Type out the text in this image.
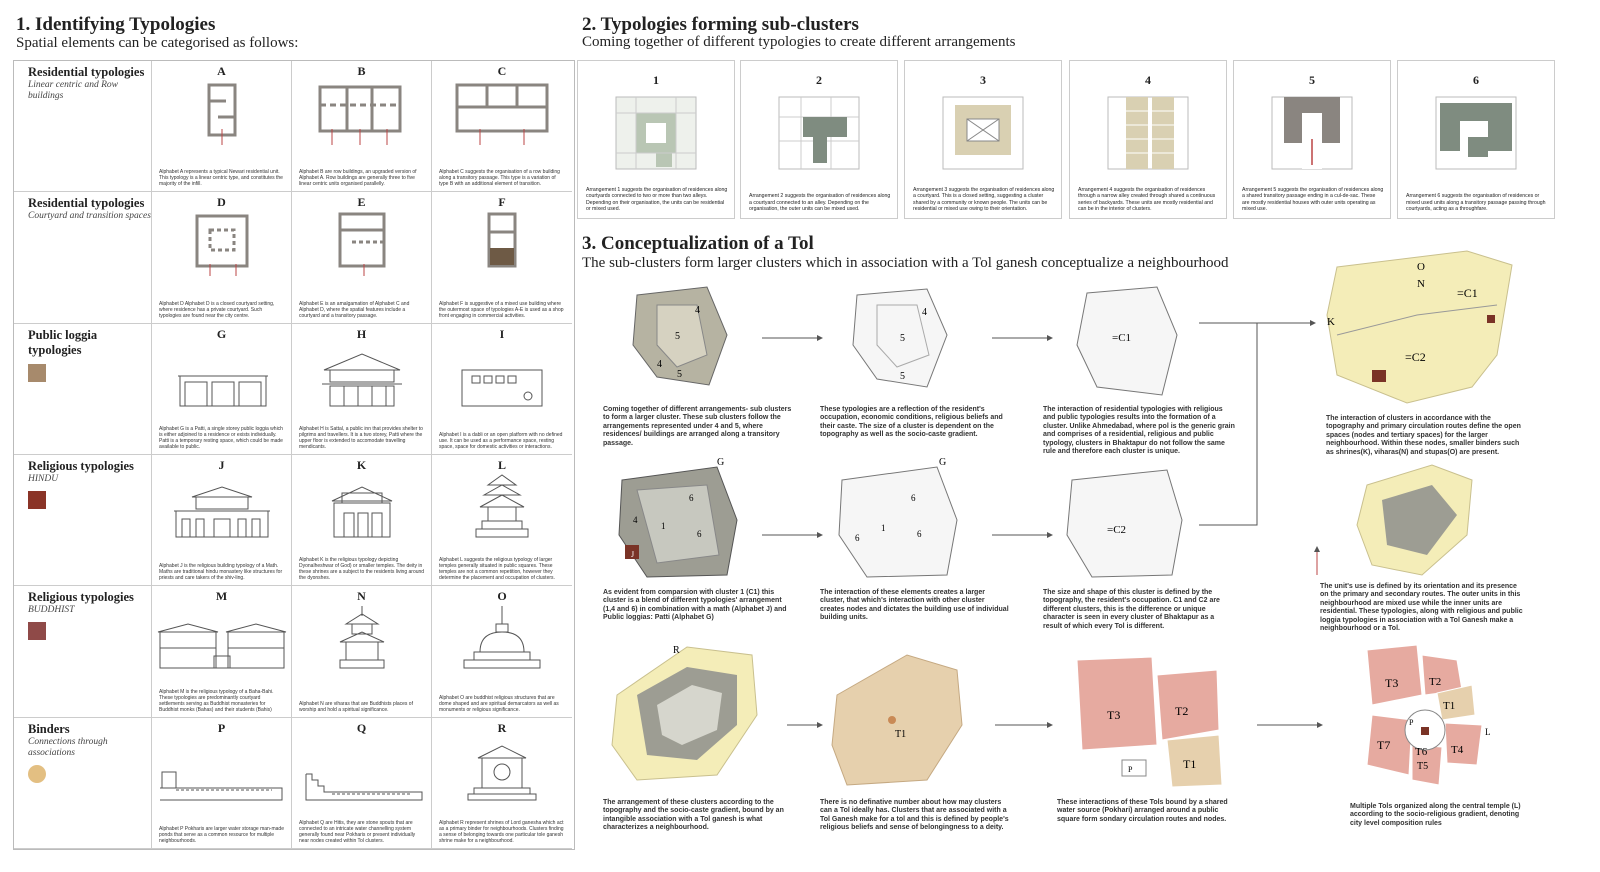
1. Identifying Typologies
Spatial elements can be categorised as follows:
Residential typologies
Linear centric and Row buildings
A
Alphabet A represents a typical Newari residential unit. This typology is a linear centric type, and constitutes the majority of the infill.
B
Alphabet B are row buildings, an upgraded version of Alphabet A. Row buildings are generally three to five linear centric units organised parallelly.
C
Alphabet C suggests the organisation of a row building along a transitory passage. This type is a variation of type B with an additional element of transition.
Residential typologies
Courtyard and transition spaces
D
Alphabet D Alphabet D is a closed courtyard setting, where residence has a private courtyard. Such typologies are found near the city centre.
E
Alphabet E is an amalgamation of Alphabet C and Alphabet D, where the spatial features include a courtyard and a transitory passage.
F
Alphabet F is suggestive of a mixed use building where the outermost space of typologies A-E is used as a shop front engaging in commercial activities.
Public loggia typologies
G
Alphabet G is a Patti, a single storey public loggia which is either adjoined to a residence or exists individually. Patti is a temporary resting space, which could be made available to public.
H
Alphabet H is Sattal, a public inn that provides shelter to pilgrims and travellers. It is a two storey, Patti where the upper floor is extended to accomodate travelling mendicants.
I
Alphabet I is a dabli or an open platform with no defined use. It can be used as a performance space, resting space, space for domestic activities or interactions.
Religious typologies
HINDU
J
Alphabet J is the religious building typology of a Math. Maths are traditional hindu monastery like structures for priests and care takers of the shiv-ling.
K
Alphabet K is the religious typology depicting Dyonalheshwar of God) or smaller temples. The deity in these shrines are a subject to the residents living around the dyonshes.
L
Alphabet L suggests the religious typology of larger temples generally situated in public squares. These temples are not a common repetition, however they determine the placement and occupation of clusters.
Religious typologies
BUDDHIST
M
Alphabet M is the religious typology of a Baha-Bahi. These typologies are predominantly courtyard settlements serving as Buddhist monasteries for Buddhist monks (Bahas) and their students (Bahis)
N
Alphabet N are viharas that are Buddhists places of worship and hold a spiritual significance.
O
Alphabet O are buddhist religious structures that are dome shaped and are spiritual demarcators as well as monuments or religious significance.
Binders
Connections through associations
P
Alphabet P Pokharis are larger water storage man-made ponds that serve as a common resource for multiple neighbourhoods.
Q
Alphabet Q are Hitis, they are stone spouts that are connected to an intricate water channelling system generally found near Pokharis or present individually near nodes created within Tol clusters.
R
Alphabet R represent shrines of Lord ganesha which act as a primary binder for neighbourhoods. Clusters finding a sense of belonging towards one particular tole ganesh shrine make for a neighbourhood.
2. Typologies forming sub-clusters
Coming together of different typologies to create different arrangements
1
Arrangement 1 suggests the organisation of residences along courtyards connected to two or more than two alleys. Depending on their organisation, the units can be residential or mixed used.
2
Arrangement 2 suggests the organisation of residences along a courtyard connected to an alley. Depending on the organisation, the outer units can be mixed used.
3
Arrangement 3 suggests the organisation of residences along a courtyard. This is a closed setting, suggesting a cluster shared by a community or known people. The units can be residential or mixed use owing to their orientation.
4
Arrangement 4 suggests the organisation of residences through a narrow alley created through shared a continuous series of backyards. These units are mostly residential and can be in the interior of clusters.
5
Arrangement 5 suggests the organisation of residences along a shared transitory passage ending in a cul-de-sac. These are mostly residential houses with outer units operating as mixed use.
6
Arrangement 6 suggests the organisation of residences or mixed used units along a transitory passage passing through courtyards, acting as a throughfare.
3. Conceptualization of a Tol
The sub-clusters form larger clusters which in association with a Tol ganesh conceptualize a neighbourhood
4
5
4
5
4
5
5
=C1
O
N
K
=C1
=C2
J
G
6
1
6
4
G
6
1
6
6
=C2
R
T1
T3	T2
T1
P
T3	T2
T1
T4
T5
T6
T7
P
L
Coming together of different arrangements- sub clusters to form a larger cluster. These sub clusters follow the arrangements represented under 4 and 5, where residences/ buildings are arranged along a transitory passage.
These typologies are a reflection of the resident's occupation, economic conditions, religious beliefs and their caste. The size of a cluster is dependent on the topography as well as the socio-caste gradient.
The interaction of residential typologies with religious and public typologies results into the formation of a cluster. Unlike Ahmedabad, where pol is the generic grain and comprises of a residential, religious and public typology, clusters in Bhaktapur do not follow the same rule and therefore each cluster is unique.
The interaction of clusters in accordance with the topography and primary circulation routes define the open spaces (nodes and tertiary spaces) for the larger neighbourhood. Within these nodes, smaller binders such as shrines(K), viharas(N) and stupas(O) are present.
As evident from comparsion with cluster 1 (C1) this cluster is a blend of different typologies' arrangement (1,4 and 6) in combination with a math (Alphabet J) and Public loggias: Patti (Alphabet G)
The interaction of these elements creates a larger cluster, that which's interaction with other cluster creates nodes and dictates the building use of individual building units.
The size and shape of this cluster is defined by the topography, the resident's occupation. C1 and C2 are different clusters, this is the difference or unique character is seen in every cluster of Bhaktapur as a result of which every Tol is different.
The unit's use is defined by its orientation and its presence on the primary and secondary routes. The outer units in this neighbourhood are mixed use while the inner units are residential. These typologies, along with religious and public loggia typologies in association with a Tol Ganesh make a neighbourhood or a Tol.
The arrangement of these clusters according to the topography and the socio-caste gradient, bound by an intangible association with a Tol ganesh is what characterizes a neighbourhood.
There is no definative number about how may clusters can a Tol ideally has. Clusters that are associated with a Tol Ganesh make for a tol and this is defined by people's religious beliefs and sense of belongingness to a deity.
These interactions of these Tols bound by a shared water source (Pokhari) arranged around a public square form sondary circulation routes and nodes.
Multiple Tols organized along the central temple (L) according to the socio-religious gradient, denoting city level composition rules
